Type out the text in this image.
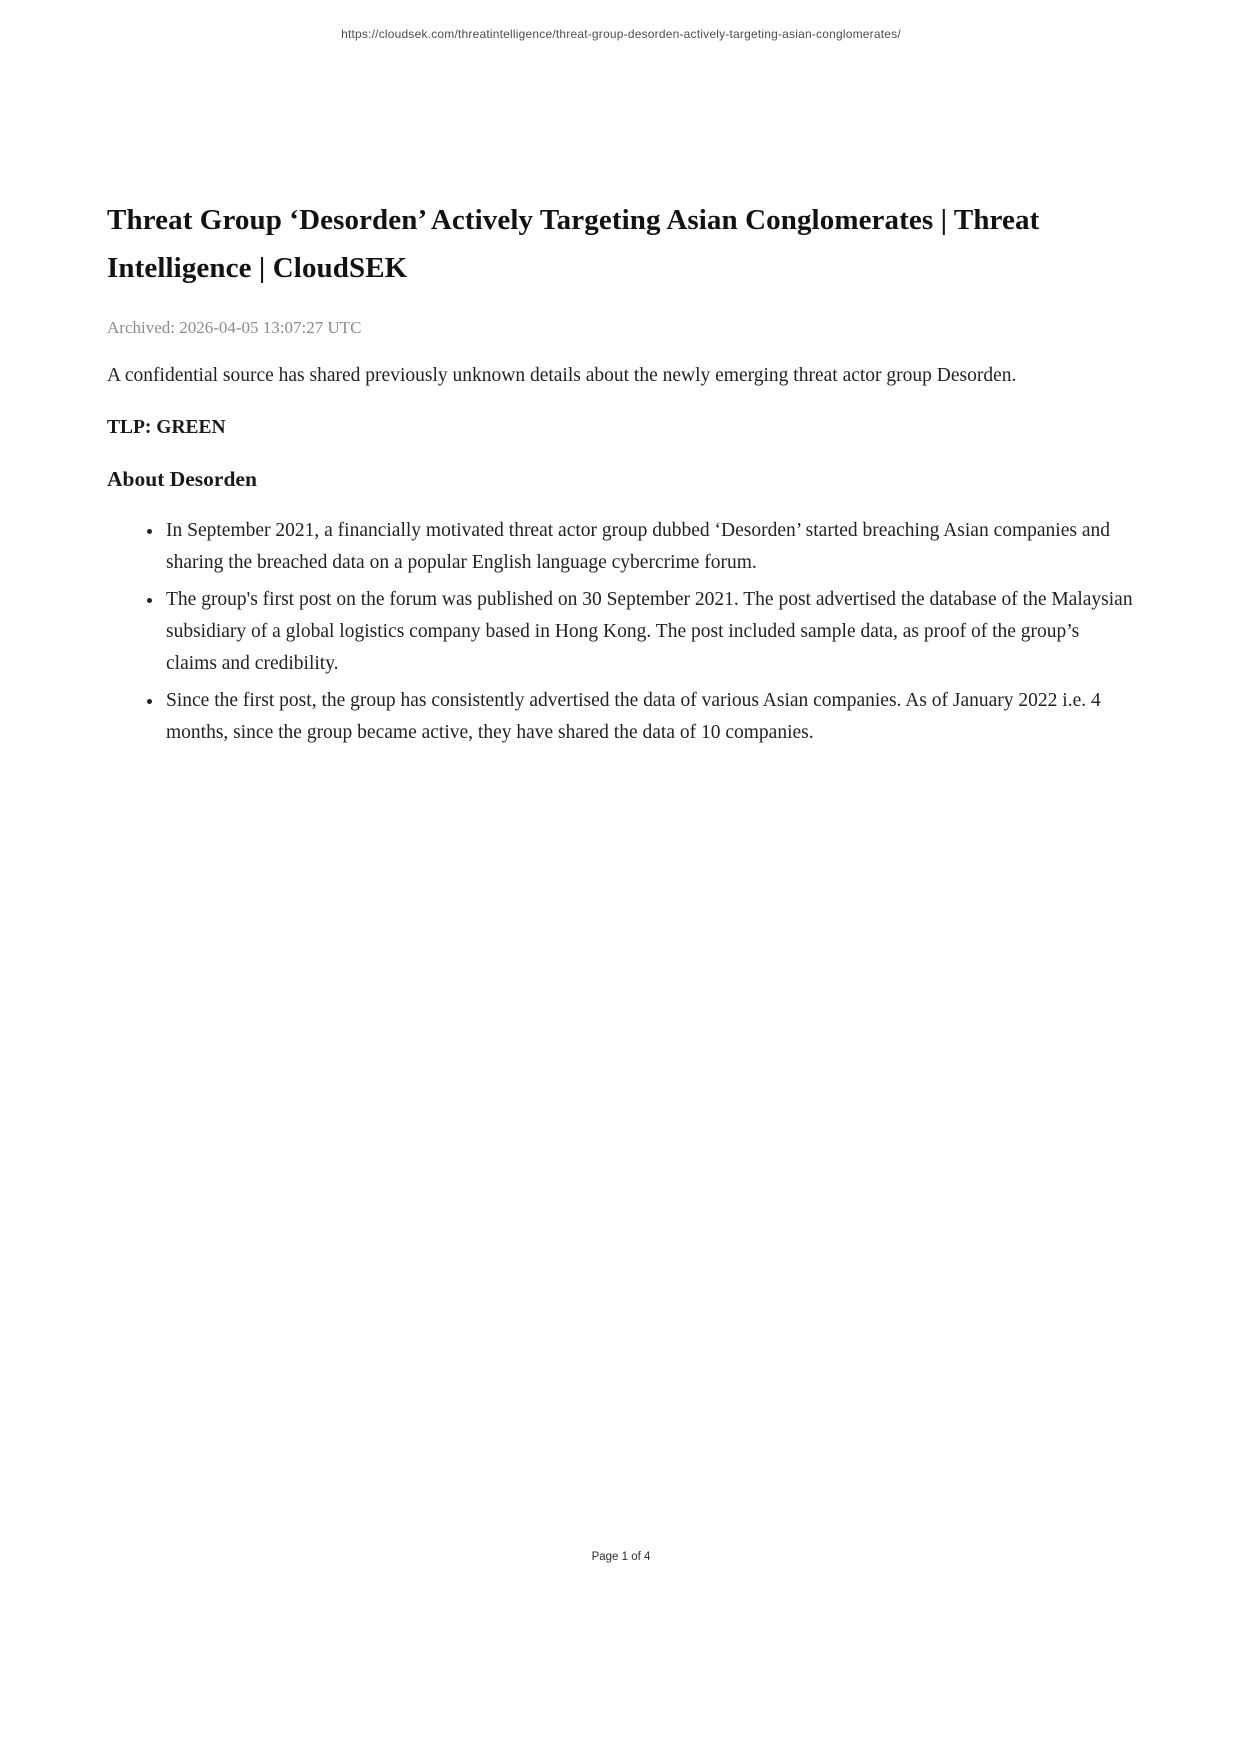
https://cloudsek.com/threatintelligence/threat-group-desorden-actively-targeting-asian-conglomerates/
Threat Group ‘Desorden’ Actively Targeting Asian Conglomerates | Threat Intelligence | CloudSEK
Archived: 2026-04-05 13:07:27 UTC

A confidential source has shared previously unknown details about the newly emerging threat actor group Desorden.

TLP: GREEN

About Desorden
• In September 2021, a financially motivated threat actor group dubbed ‘Desorden’ started breaching Asian companies and sharing the breached data on a popular English language cybercrime forum.
• The group's first post on the forum was published on 30 September 2021. The post advertised the database of the Malaysian subsidiary of a global logistics company based in Hong Kong. The post included sample data, as proof of the group’s claims and credibility.
• Since the first post, the group has consistently advertised the data of various Asian companies. As of January 2022 i.e. 4 months, since the group became active, they have shared the data of 10 companies.
Page 1 of 4
